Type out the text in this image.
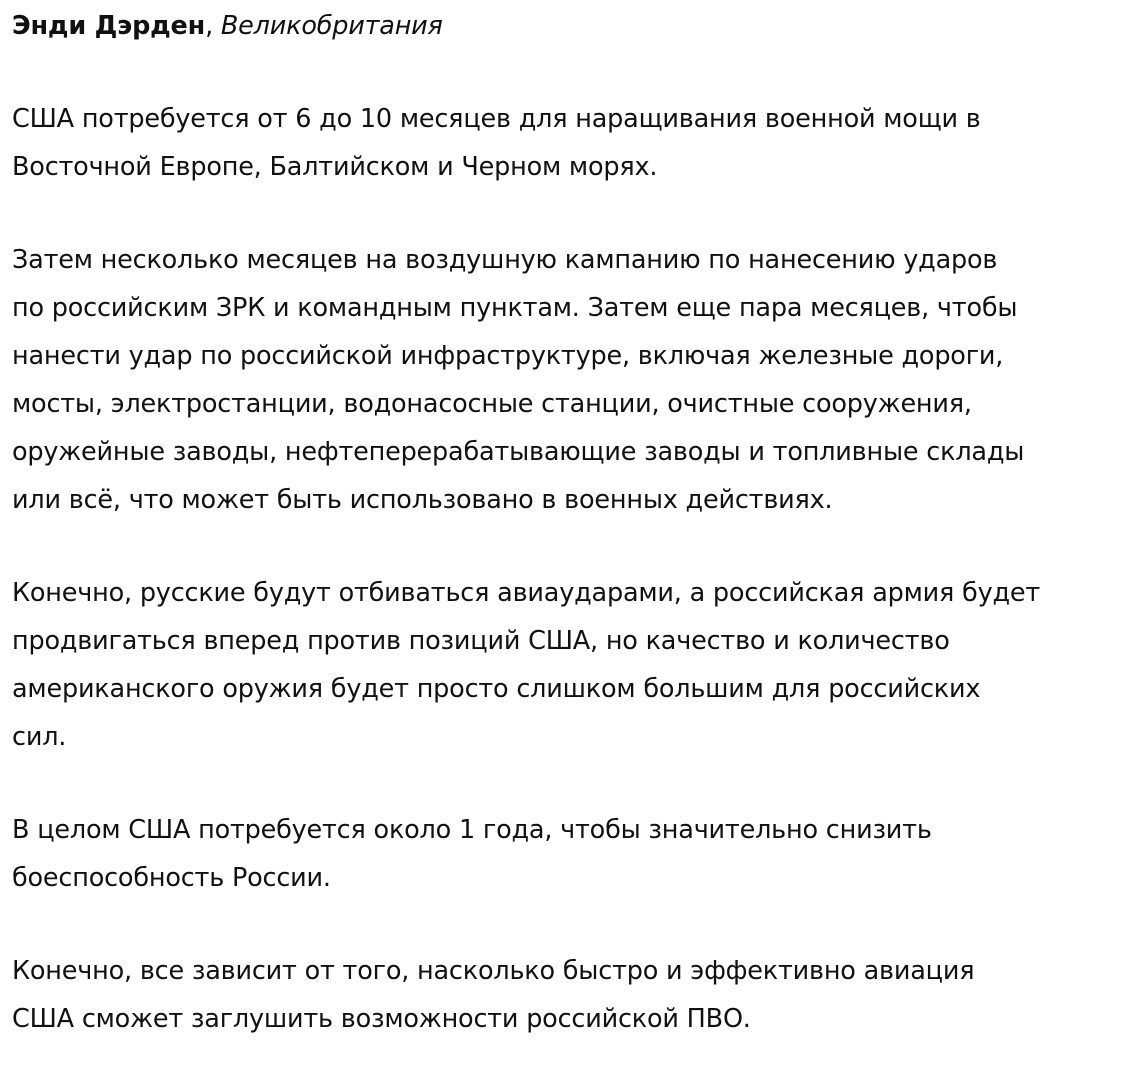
Энди Дэрден, Великобритания
США потребуется от 6 до 10 месяцев для наращивания военной мощи в
Восточной Европе, Балтийском и Черном морях.
Затем несколько месяцев на воздушную кампанию по нанесению ударов
по российским ЗРК и командным пунктам. Затем еще пара месяцев, чтобы
нанести удар по российской инфраструктуре, включая железные дороги,
мосты, электростанции, водонасосные станции, очистные сооружения,
оружейные заводы, нефтеперерабатывающие заводы и топливные склады
или всё, что может быть использовано в военных действиях.
Конечно, русские будут отбиваться авиаударами, а российская армия будет
продвигаться вперед против позиций США, но качество и количество
американского оружия будет просто слишком большим для российских
сил.
В целом США потребуется около 1 года, чтобы значительно снизить
боеспособность России.
Конечно, все зависит от того, насколько быстро и эффективно авиация
США сможет заглушить возможности российской ПВО.
